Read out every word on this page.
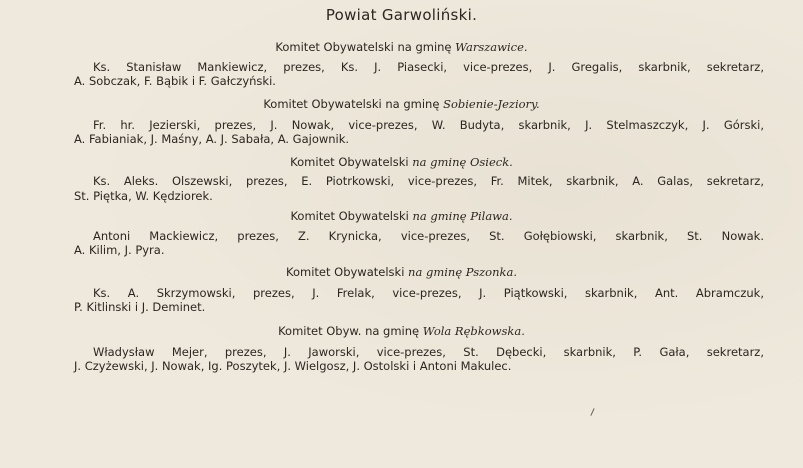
Powiat Garwoliński.
Komitet Obywatelski na gminę Warszawice.
Ks. Stanisław Mankiewicz, prezes, Ks. J. Piasecki, vice-prezes, J. Gregalis, skarbnik, sekretarz,
A. Sobczak, F. Bąbik i F. Gałczyński.
Komitet Obywatelski na gminę Sobienie-Jeziory.
Fr. hr. Jezierski, prezes, J. Nowak, vice-prezes, W. Budyta, skarbnik, J. Stelmaszczyk, J. Górski,
A. Fabianiak, J. Maśny, A. J. Sabała, A. Gajownik.
Komitet Obywatelski na gminę Osieck.
Ks. Aleks. Olszewski, prezes, E. Piotrkowski, vice-prezes, Fr. Mitek, skarbnik, A. Galas, sekretarz,
St. Piętka, W. Kędziorek.
Komitet Obywatelski na gminę Pilawa.
Antoni Mackiewicz, prezes, Z. Krynicka, vice-prezes, St. Gołębiowski, skarbnik, St. Nowak.
A. Kilim, J. Pyra.
Komitet Obywatelski na gminę Pszonka.
Ks. A. Skrzymowski, prezes, J. Frelak, vice-prezes, J. Piątkowski, skarbnik, Ant. Abramczuk,
P. Kitlinski i J. Deminet.
Komitet Obyw. na gminę Wola Rębkowska.
Władysław Mejer, prezes, J. Jaworski, vice-prezes, St. Dębecki, skarbnik, P. Gała, sekretarz,
J. Czyżewski, J. Nowak, Ig. Poszytek, J. Wielgosz, J. Ostolski i Antoni Makulec.
